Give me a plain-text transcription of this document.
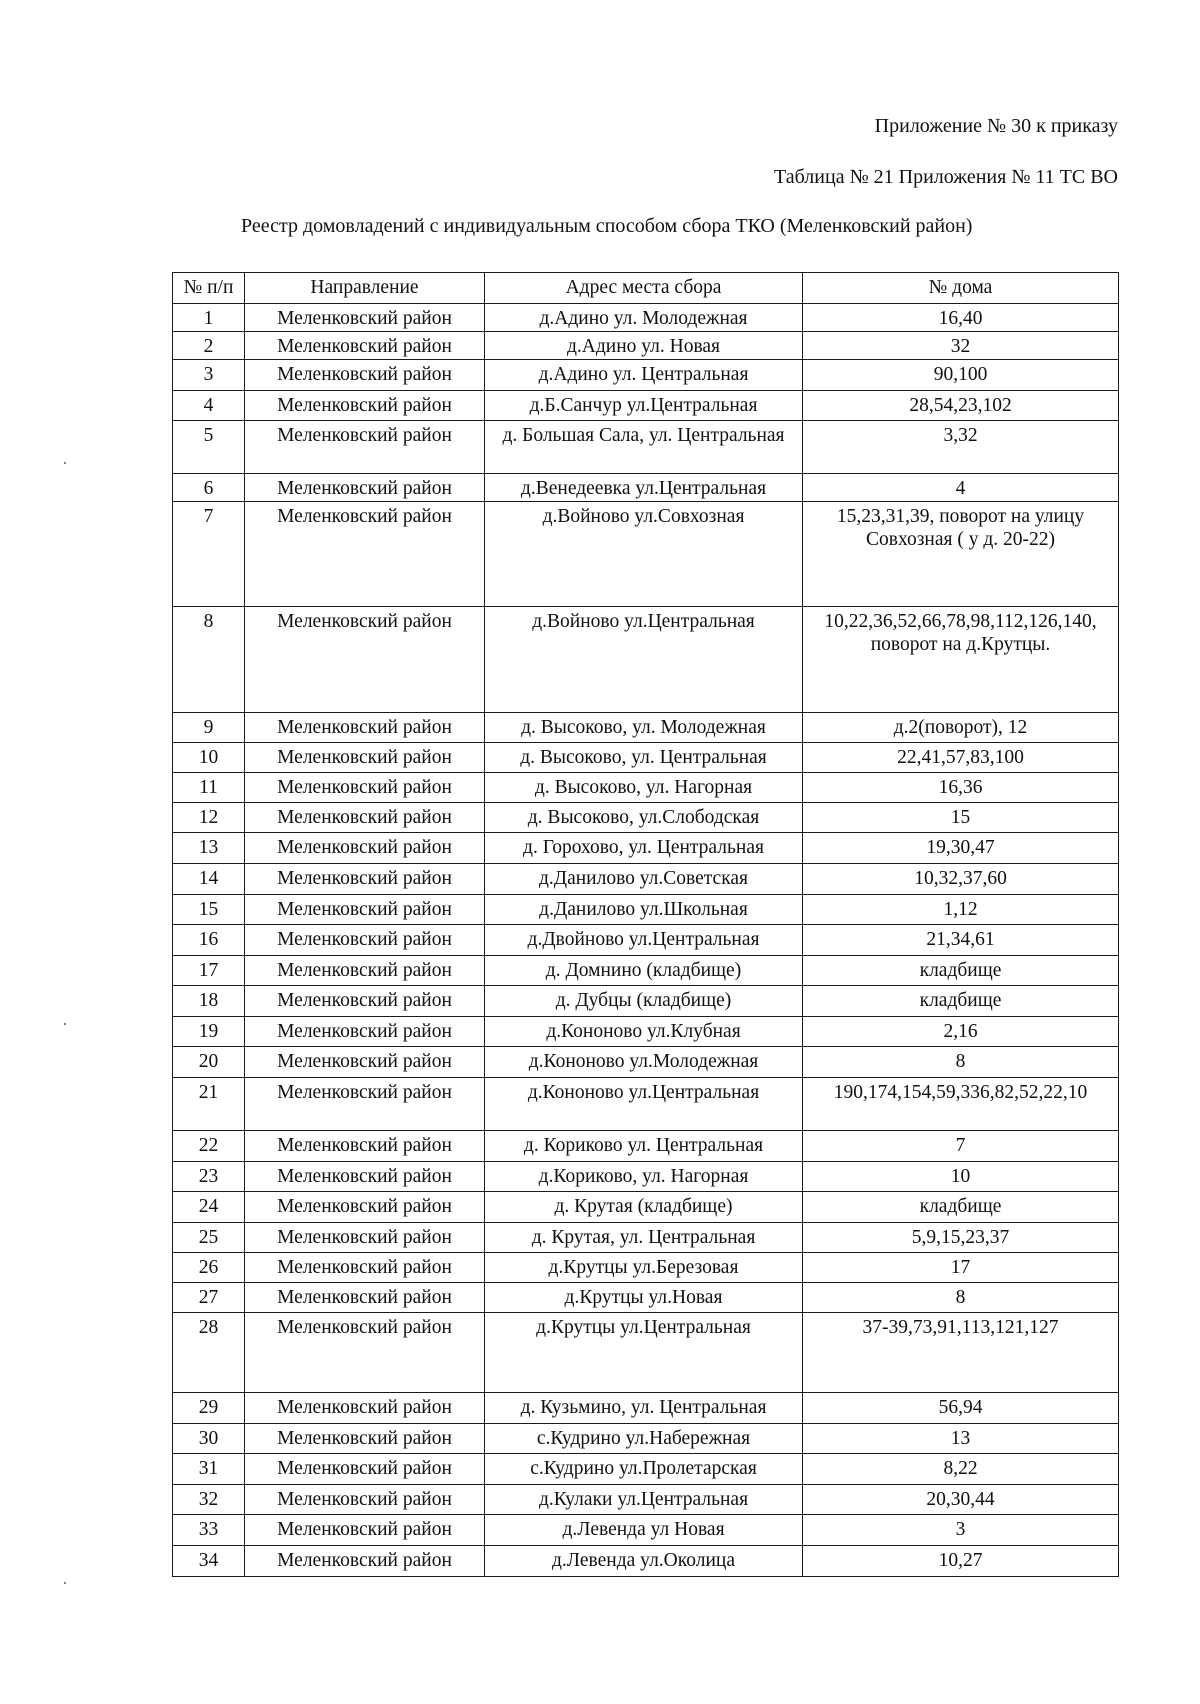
Приложение № 30 к приказу
Таблица № 21 Приложения № 11 ТС ВО
Реестр домовладений с индивидуальным способом сбора ТКО (Меленковский район)
№ п/п	Направление	Адрес места сбора	№ дома
1	Меленковский район	д.Адино ул. Молодежная	16,40
2	Меленковский район	д.Адино ул. Новая	32
3	Меленковский район	д.Адино ул. Центральная	90,100
4	Меленковский район	д.Б.Санчур ул.Центральная	28,54,23,102
5	Меленковский район	д. Большая Сала, ул. Центральная	3,32
6	Меленковский район	д.Венедеевка ул.Центральная	4
7	Меленковский район	д.Войново ул.Совхозная	15,23,31,39, поворот на улицу Совхозная ( у д. 20-22)
8	Меленковский район	д.Войново ул.Центральная	10,22,36,52,66,78,98,112,126,140, поворот на д.Крутцы.
9	Меленковский район	д. Высоково, ул. Молодежная	д.2(поворот), 12
10	Меленковский район	д. Высоково, ул. Центральная	22,41,57,83,100
11	Меленковский район	д. Высоково, ул. Нагорная	16,36
12	Меленковский район	д. Высоково, ул.Слободская	15
13	Меленковский район	д. Горохово, ул. Центральная	19,30,47
14	Меленковский район	д.Данилово ул.Советская	10,32,37,60
15	Меленковский район	д.Данилово ул.Школьная	1,12
16	Меленковский район	д.Двойново ул.Центральная	21,34,61
17	Меленковский район	д. Домнино (кладбище)	кладбище
18	Меленковский район	д. Дубцы (кладбище)	кладбище
19	Меленковский район	д.Кононово ул.Клубная	2,16
20	Меленковский район	д.Кононово ул.Молодежная	8
21	Меленковский район	д.Кононово ул.Центральная	190,174,154,59,336,82,52,22,10
22	Меленковский район	д. Кориково ул. Центральная	7
23	Меленковский район	д.Кориково, ул. Нагорная	10
24	Меленковский район	д. Крутая (кладбище)	кладбище
25	Меленковский район	д. Крутая, ул. Центральная	5,9,15,23,37
26	Меленковский район	д.Крутцы ул.Березовая	17
27	Меленковский район	д.Крутцы ул.Новая	8
28	Меленковский район	д.Крутцы ул.Центральная	37-39,73,91,113,121,127
29	Меленковский район	д. Кузьмино, ул. Центральная	56,94
30	Меленковский район	с.Кудрино ул.Набережная	13
31	Меленковский район	с.Кудрино ул.Пролетарская	8,22
32	Меленковский район	д.Кулаки ул.Центральная	20,30,44
33	Меленковский район	д.Левенда ул Новая	3
34	Меленковский район	д.Левенда ул.Околица	10,27
